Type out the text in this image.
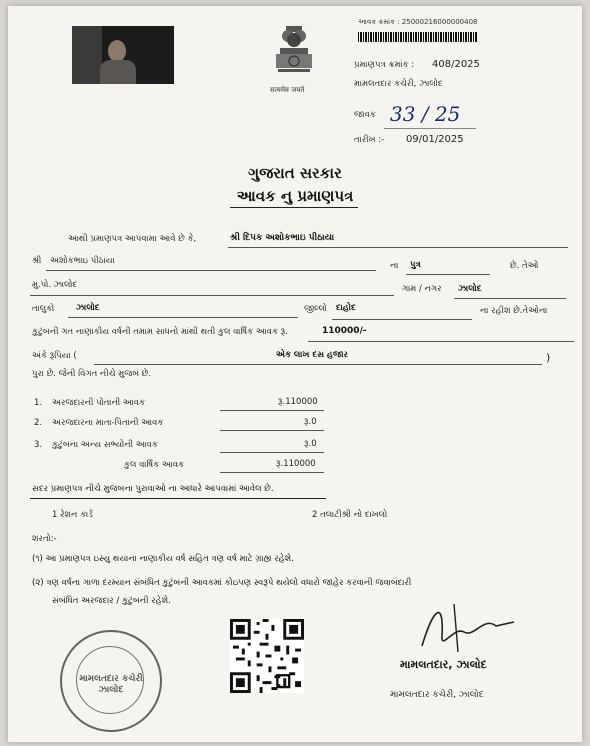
सत्यमेव जयते
આવક ક્રમાંક : 25000216000000408
પ્રમાણપત્ર ક્રમાંક : 408/2025
મામલતદાર કચેરી, ઝાલોદ
જાવક 33 / 25
તારીખ :- 09/01/2025
ગુજરાત સરકાર
આવક નુ પ્રમાણપત્ર
આથી પ્રમાણપત્ર આપવામા આવે છે કે,	શ્રી દિપક અશોકભાઇ પીઠાયા
શ્રી અશોકભાઇ પીઠાયા	ના પુત્ર	છે. તેઓ
મુ.પો. ઝાલોદ	ગામ / નગર ઝાલોદ
તાલુકો	ઝાલોદ	જીલ્લો દાહોદ	ના રહીશ છે.તેઓના
કુટુંબની ગત નાણાકીય વર્ષની તમામ સાધનો માંથી થતી કુલ વાર્ષિક આવક રૂ.	110000/-
અંકે રૂપિયા (	એક લાખ દસ હજાર	)
પુરા છે. જેની વિગત નીચે મુજબ છે.
1. અરજદારની પોતાની આવક	રૂ.110000
2. અરજદારના માતા-પિતાની આવક	રૂ.0
3. કુટુંબના અન્ય સભ્યોની આવક	રૂ.0
કુલ વાર્ષિક આવક	રૂ.110000
સદર પ્રમાણપત્ર નીચે મુજબના પુરાવાઓ ના આધારે આપવામાં આવેલ છે.
1 રેશન કાર્ડ	2 તલાટીશ્રી નો દાખલો
શરતો:-
(૧) આ પ્રમાણપત્ર ઇસ્યુ થયાના નાણાકીય વર્ષ સહિત ત્રણ વર્ષ માટે ગ્રાહ્ય રહેશે.
(૨) ત્રણ વર્ષના ગાળા દરમ્યાન સંબંધિત કુટુંબની આવકમાં કોઇપણ સ્વરૂપે થયેલો વધારો જાહેર કરવાની જવાબદારી
સંબંધિત અરજદાર / કુટુંબની રહેશે.
મામલતદાર કચેરી ઝાલોદ
મામલતદાર, ઝાલોદ
મામલતદાર કચેરી, ઝાલોદ
